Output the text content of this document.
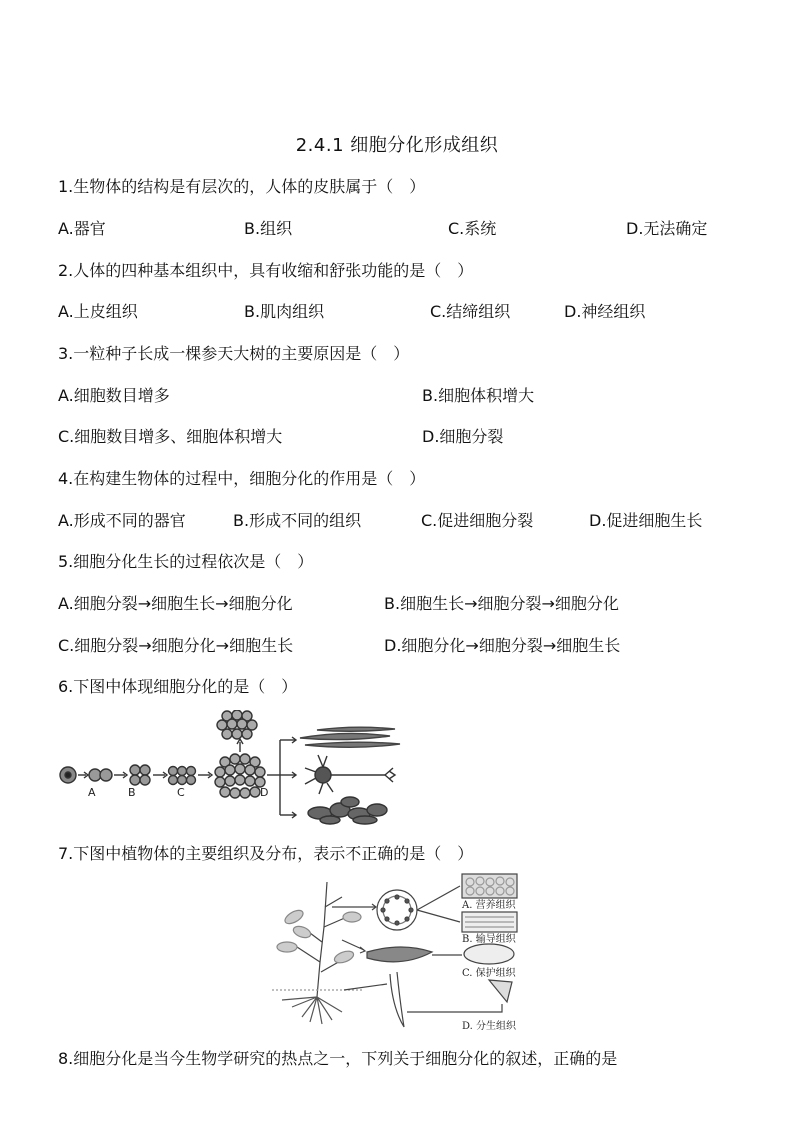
2.4.1 细胞分化形成组织
1.生物体的结构是有层次的，人体的皮肤属于（　）
A.器官	B.组织	C.系统	D.无法确定
2.人体的四种基本组织中，具有收缩和舒张功能的是（　）
A.上皮组织	B.肌肉组织	C.结缔组织	D.神经组织
3.一粒种子长成一棵参天大树的主要原因是（　）
A.细胞数目增多	B.细胞体积增大
C.细胞数目增多、细胞体积增大	D.细胞分裂
4.在构建生物体的过程中，细胞分化的作用是（　）
A.形成不同的器官	B.形成不同的组织	C.促进细胞分裂	D.促进细胞生长
5.细胞分化生长的过程依次是（　）
A.细胞分裂→细胞生长→细胞分化	B.细胞生长→细胞分裂→细胞分化
C.细胞分裂→细胞分化→细胞生长	D.细胞分化→细胞分裂→细胞生长
6.下图中体现细胞分化的是（　）
A	B	C	D
7.下图中植物体的主要组织及分布，表示不正确的是（　）
A. 营养组织
B. 输导组织
C. 保护组织
D. 分生组织
8.细胞分化是当今生物学研究的热点之一，下列关于细胞分化的叙述，正确的是
